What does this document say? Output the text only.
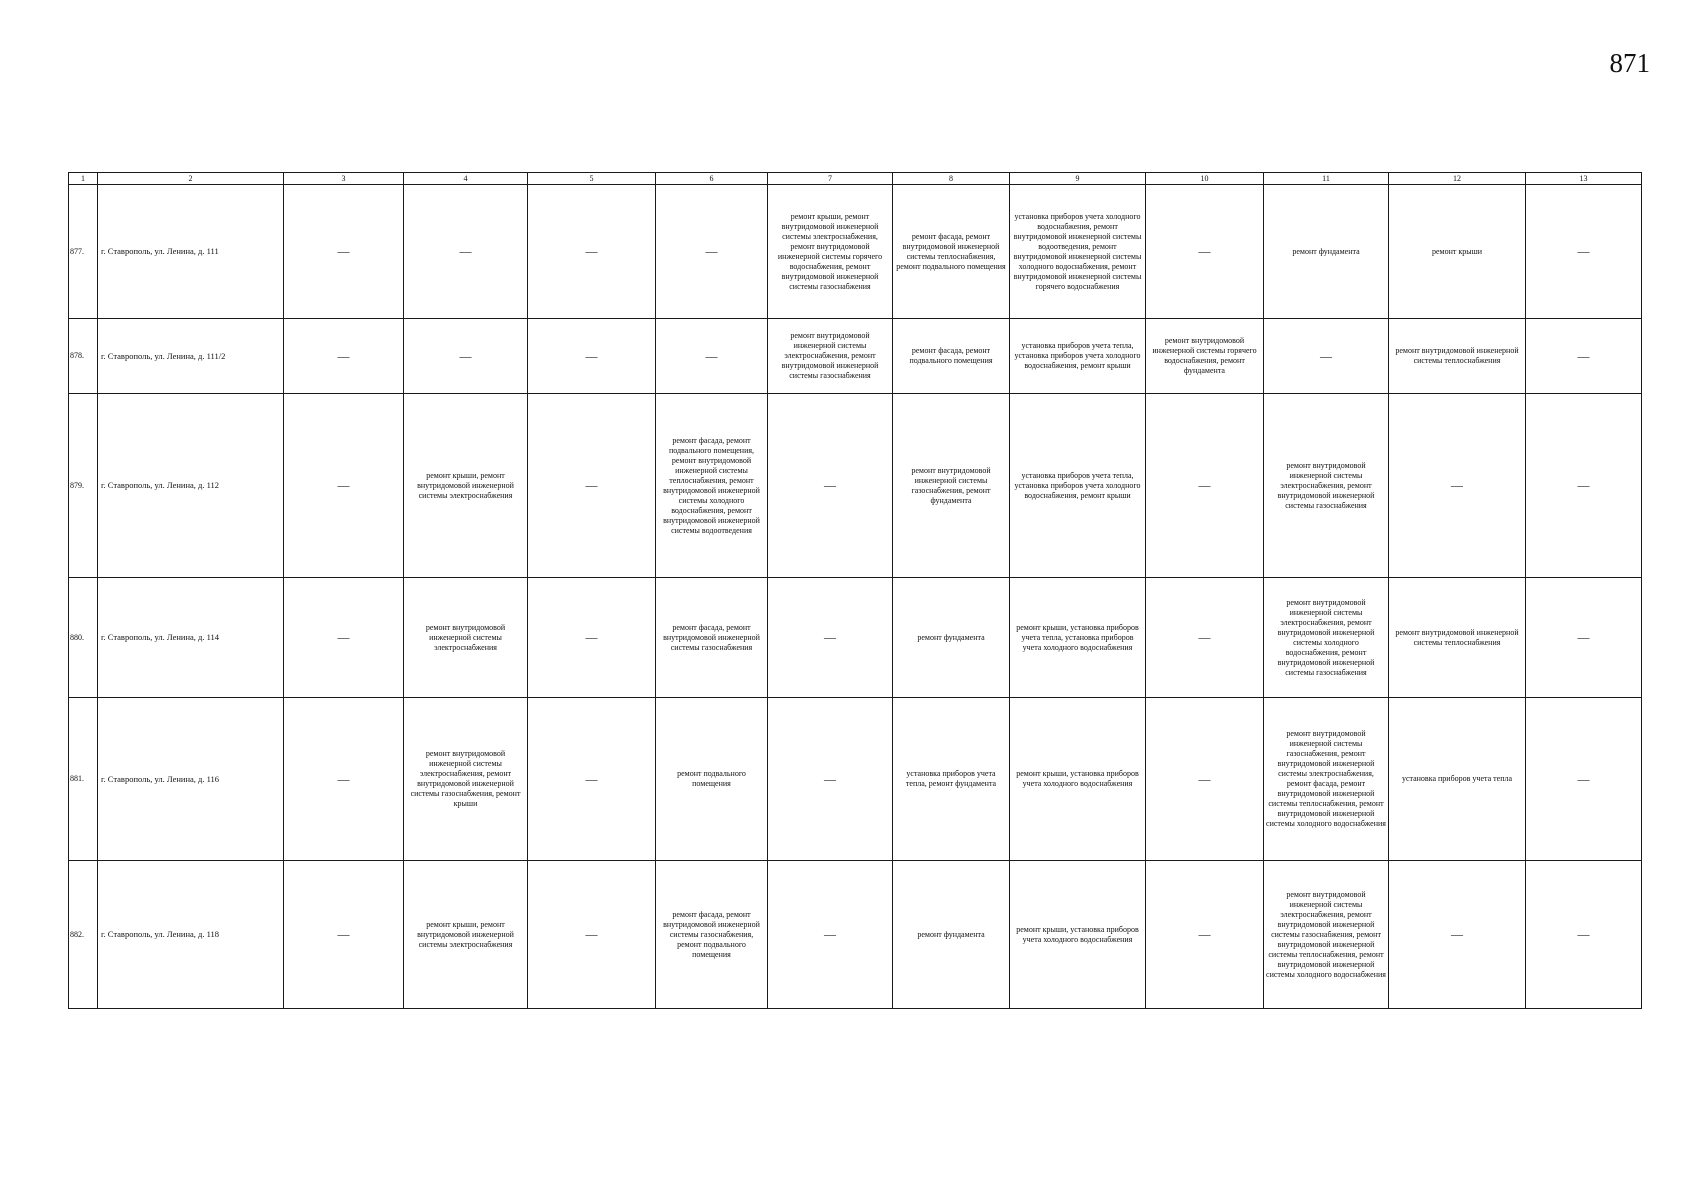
871
1	2	3	4	5	6	7	8	9	10	11	12	13
877.	г. Ставрополь, ул. Ленина, д. 111	—	—	—	—	ремонт крыши, ремонт внутридомовой инженерной системы электроснабжения, ремонт внутридомовой инженерной системы горячего водоснабжения, ремонт внутридомовой инженерной системы газоснабжения	ремонт фасада, ремонт внутридомовой инженерной системы теплоснабжения, ремонт подвального помещения	установка приборов учета холодного водоснабжения, ремонт внутридомовой инженерной системы водоотведения, ремонт внутридомовой инженерной системы холодного водоснабжения, ремонт внутридомовой инженерной системы горячего водоснабжения	—	ремонт фундамента	ремонт крыши	—
878.	г. Ставрополь, ул. Ленина, д. 111/2	—	—	—	—	ремонт внутридомовой инженерной системы электроснабжения, ремонт внутридомовой инженерной системы газоснабжения	ремонт фасада, ремонт подвального помещения	установка приборов учета тепла, установка приборов учета холодного водоснабжения, ремонт крыши	ремонт внутридомовой инженерной системы горячего водоснабжения, ремонт фундамента	—	ремонт внутридомовой инженерной системы теплоснабжения	—
879.	г. Ставрополь, ул. Ленина, д. 112	—	ремонт крыши, ремонт внутридомовой инженерной системы электроснабжения	—	ремонт фасада, ремонт подвального помещения, ремонт внутридомовой инженерной системы теплоснабжения, ремонт внутридомовой инженерной системы холодного водоснабжения, ремонт внутридомовой инженерной системы водоотведения	—	ремонт внутридомовой инженерной системы газоснабжения, ремонт фундамента	установка приборов учета тепла, установка приборов учета холодного водоснабжения, ремонт крыши	—	ремонт внутридомовой инженерной системы электроснабжения, ремонт внутридомовой инженерной системы газоснабжения	—	—
880.	г. Ставрополь, ул. Ленина, д. 114	—	ремонт внутридомовой инженерной системы электроснабжения	—	ремонт фасада, ремонт внутридомовой инженерной системы газоснабжения	—	ремонт фундамента	ремонт крыши, установка приборов учета тепла, установка приборов учета холодного водоснабжения	—	ремонт внутридомовой инженерной системы электроснабжения, ремонт внутридомовой инженерной системы холодного водоснабжения, ремонт внутридомовой инженерной системы газоснабжения	ремонт внутридомовой инженерной системы теплоснабжения	—
881.	г. Ставрополь, ул. Ленина, д. 116	—	ремонт внутридомовой инженерной системы электроснабжения, ремонт внутридомовой инженерной системы газоснабжения, ремонт крыши	—	ремонт подвального помещения	—	установка приборов учета тепла, ремонт фундамента	ремонт крыши, установка приборов учета холодного водоснабжения	—	ремонт внутридомовой инженерной системы газоснабжения, ремонт внутридомовой инженерной системы электроснабжения, ремонт фасада, ремонт внутридомовой инженерной системы теплоснабжения, ремонт внутридомовой инженерной системы холодного водоснабжения	установка приборов учета тепла	—
882.	г. Ставрополь, ул. Ленина, д. 118	—	ремонт крыши, ремонт внутридомовой инженерной системы электроснабжения	—	ремонт фасада, ремонт внутридомовой инженерной системы газоснабжения, ремонт подвального помещения	—	ремонт фундамента	ремонт крыши, установка приборов учета холодного водоснабжения	—	ремонт внутридомовой инженерной системы электроснабжения, ремонт внутридомовой инженерной системы газоснабжения, ремонт внутридомовой инженерной системы теплоснабжения, ремонт внутридомовой инженерной системы холодного водоснабжения	—	—
